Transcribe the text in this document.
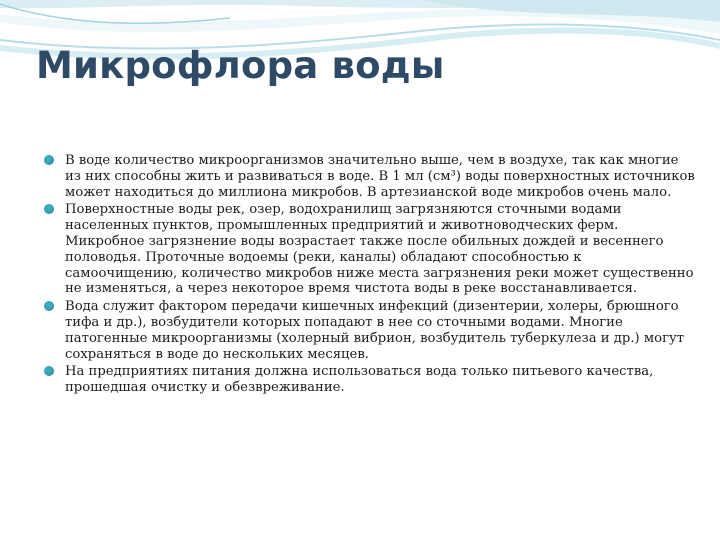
Микрофлора воды
В воде количество микроорганизмов значительно выше, чем в воздухе, так как многие из них способны жить и развиваться в воде. В 1 мл (см³) воды поверхностных источников может находиться до миллиона микробов. В артезианской воде микробов очень мало.
Поверхностные воды рек, озер, водохранилищ загрязняются сточными водами населенных пунктов, промышленных предприятий и животноводческих ферм. Микробное загрязнение воды возрастает также после обильных дождей и весеннего половодья. Проточные водоемы (реки, каналы) обладают способностью к самоочищению, количество микробов ниже места загрязнения реки может существенно не изменяться, а через некоторое время чистота воды в реке восстанавливается.
Вода служит фактором передачи кишечных инфекций (дизентерии, холеры, брюшного тифа и др.), возбудители которых попадают в нее со сточными водами. Многие патогенные микроорганизмы (холерный вибрион, возбудитель туберкулеза и др.) могут сохраняться в воде до нескольких месяцев.
На предприятиях питания должна использоваться вода только питьевого качества, прошедшая очистку и обезвреживание.
